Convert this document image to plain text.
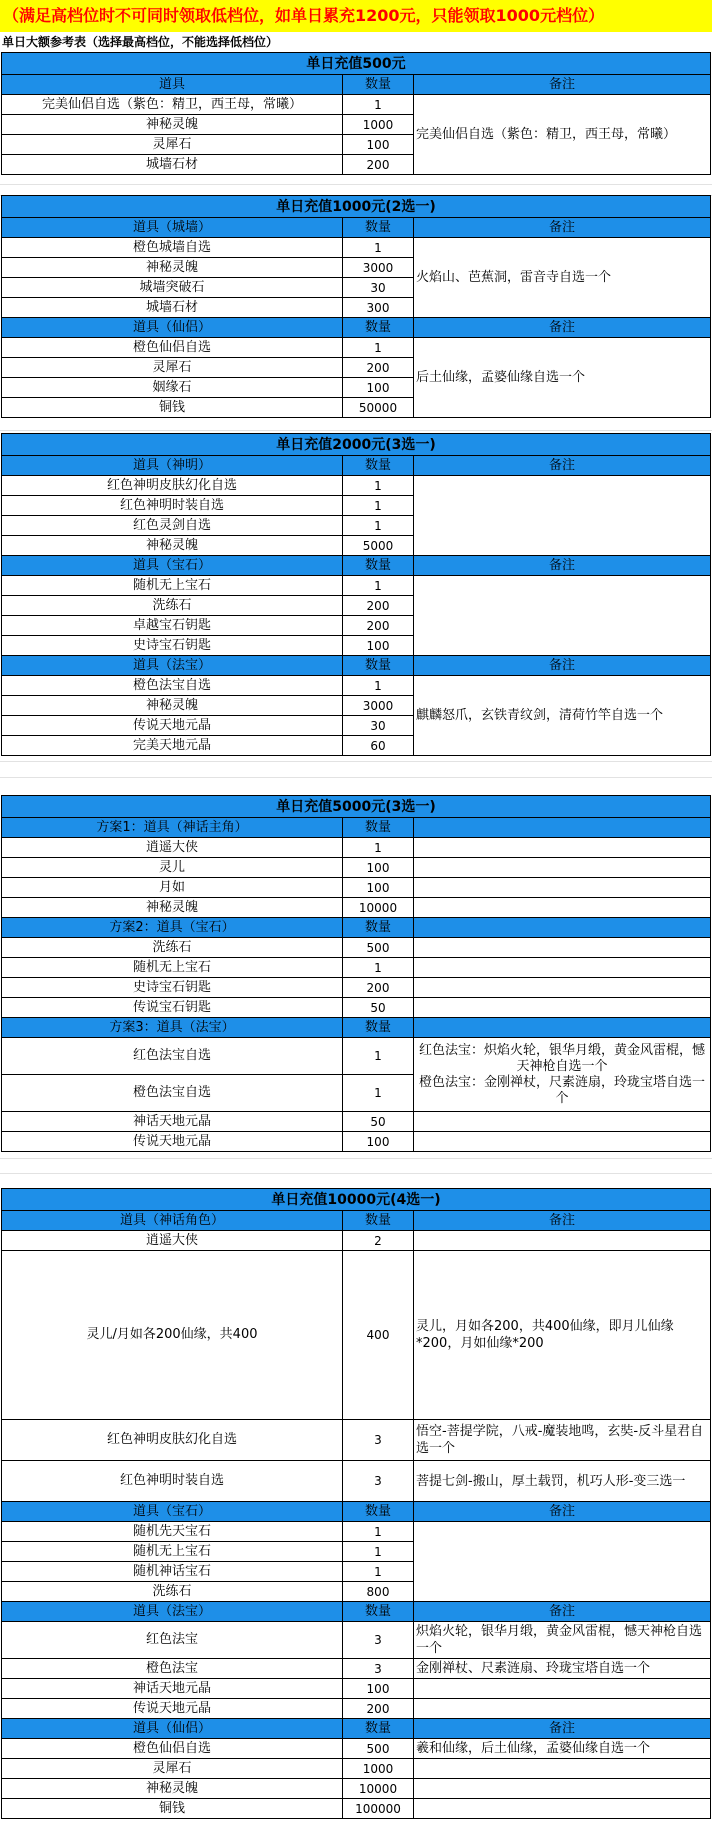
（满足高档位时不可同时领取低档位，如单日累充1200元，只能领取1000元档位）
单日大额参考表（选择最高档位，不能选择低档位）
单日充值500元		
道具	数量	备注
完美仙侣自选（紫色：精卫，西王母，常曦）	1	完美仙侣自选（紫色：精卫，西王母，常曦）
神秘灵魄	1000	
灵犀石	100	
城墙石材	200	
单日充值1000元(2选一)		
道具（城墙）	数量	备注
橙色城墙自选	1	火焰山、芭蕉洞，雷音寺自选一个
神秘灵魄	3000	
城墙突破石	30	
城墙石材	300	
道具（仙侣）	数量	备注
橙色仙侣自选	1	后土仙缘，孟婆仙缘自选一个
灵犀石	200	
姻缘石	100	
铜钱	50000	
单日充值2000元(3选一)		
道具（神明）	数量	备注
红色神明皮肤幻化自选	1	
红色神明时装自选	1	
红色灵剑自选	1	
神秘灵魄	5000	
道具（宝石）	数量	备注
随机无上宝石	1	
洗练石	200	
卓越宝石钥匙	200	
史诗宝石钥匙	100	
道具（法宝）	数量	备注
橙色法宝自选	1	麒麟怒爪，玄铁青纹剑，清荷竹竿自选一个
神秘灵魄	3000	
传说天地元晶	30	
完美天地元晶	60	
单日充值5000元(3选一)		
方案1：道具（神话主角）	数量	
逍遥大侠	1	
灵儿	100	
月如	100	
神秘灵魄	10000	
方案2：道具（宝石）	数量	
洗练石	500	
随机无上宝石	1	
史诗宝石钥匙	200	
传说宝石钥匙	50	
方案3：道具（法宝）	数量	
红色法宝自选	1	红色法宝：炽焰火轮，银华月缎，黄金风雷棍，憾天神枪自选一个
橙色法宝：金刚禅杖，尺素涟扇，玲珑宝塔自选一个

橙色法宝自选	1	
神话天地元晶	50	
传说天地元晶	100	
单日充值10000元(4选一)		
道具（神话角色）	数量	备注
逍遥大侠	2	
灵儿/月如各200仙缘，共400	400	灵儿，月如各200，共400仙缘，即月儿仙缘*200，月如仙缘*200
红色神明皮肤幻化自选	3	悟空-菩提学院，八戒-魔装地鸣，玄奘-反斗星君自选一个
红色神明时装自选	3	菩提七剑-搬山，厚土载罚，机巧人形-变三选一
道具（宝石）	数量	备注
随机先天宝石	1	
随机无上宝石	1	
随机神话宝石	1	
洗练石	800	
道具（法宝）	数量	备注
红色法宝	3	炽焰火轮，银华月缎，黄金风雷棍，憾天神枪自选一个
橙色法宝	3	金刚禅杖、尺素涟扇、玲珑宝塔自选一个
神话天地元晶	100	
传说天地元晶	200	
道具（仙侣）	数量	备注
橙色仙侣自选	500	羲和仙缘，后土仙缘，孟婆仙缘自选一个
灵犀石	1000	
神秘灵魄	10000	
铜钱	100000	
